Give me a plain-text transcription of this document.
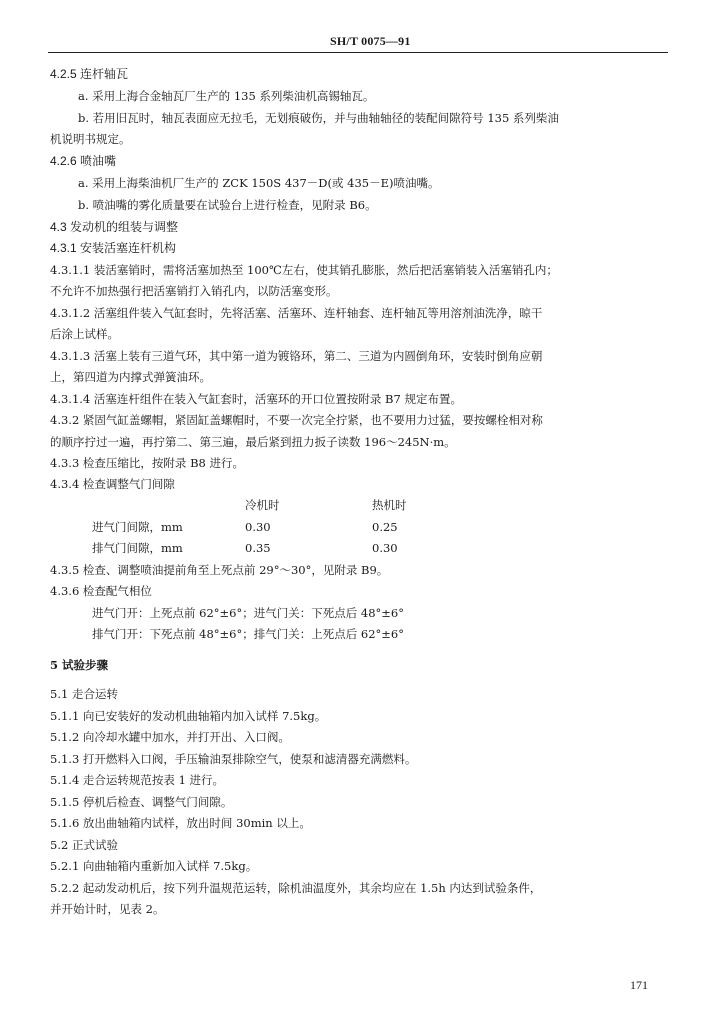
SH/T 0075—91
4.2.5 连杆轴瓦
a. 采用上海合金轴瓦厂生产的 135 系列柴油机高锡轴瓦。
b. 若用旧瓦时，轴瓦表面应无拉毛，无划痕破伤，并与曲轴轴径的装配间隙符号 135 系列柴油
机说明书规定。
4.2.6 喷油嘴
a. 采用上海柴油机厂生产的 ZCK 150S 437－D(或 435－E)喷油嘴。
b. 喷油嘴的雾化质量要在试验台上进行检查，见附录 B6。
4.3 发动机的组装与调整
4.3.1 安装活塞连杆机构
4.3.1.1 装活塞销时，需将活塞加热至 100℃左右，使其销孔膨胀，然后把活塞销装入活塞销孔内；
不允许不加热强行把活塞销打入销孔内，以防活塞变形。
4.3.1.2 活塞组件装入气缸套时，先将活塞、活塞环、连杆轴套、连杆轴瓦等用溶剂油洗净，晾干
后涂上试样。
4.3.1.3 活塞上装有三道气环，其中第一道为镀铬环，第二、三道为内圆倒角环，安装时倒角应朝
上，第四道为内撑式弹簧油环。
4.3.1.4 活塞连杆组件在装入气缸套时，活塞环的开口位置按附录 B7 规定布置。
4.3.2 紧固气缸盖螺帽，紧固缸盖螺帽时，不要一次完全拧紧，也不要用力过猛，要按螺栓相对称
的顺序拧过一遍，再拧第二、第三遍，最后紧到扭力扳子读数 196～245N·m。
4.3.3 检查压缩比，按附录 B8 进行。
4.3.4 检查调整气门间隙
冷机时	热机时
进气门间隙，mm	0.30	0.25
排气门间隙，mm	0.35	0.30
4.3.5 检查、调整喷油提前角至上死点前 29°～30°，见附录 B9。
4.3.6 检查配气相位
进气门开：上死点前 62°±6°；进气门关：下死点后 48°±6°
排气门开：下死点前 48°±6°；排气门关：上死点后 62°±6°
5 试验步骤
5.1 走合运转
5.1.1 向已安装好的发动机曲轴箱内加入试样 7.5kg。
5.1.2 向冷却水罐中加水，并打开出、入口阀。
5.1.3 打开燃料入口阀，手压输油泵排除空气，使泵和滤清器充满燃料。
5.1.4 走合运转规范按表 1 进行。
5.1.5 停机后检查、调整气门间隙。
5.1.6 放出曲轴箱内试样，放出时间 30min 以上。
5.2 正式试验
5.2.1 向曲轴箱内重新加入试样 7.5kg。
5.2.2 起动发动机后，按下列升温规范运转，除机油温度外，其余均应在 1.5h 内达到试验条件，
并开始计时，见表 2。
171
